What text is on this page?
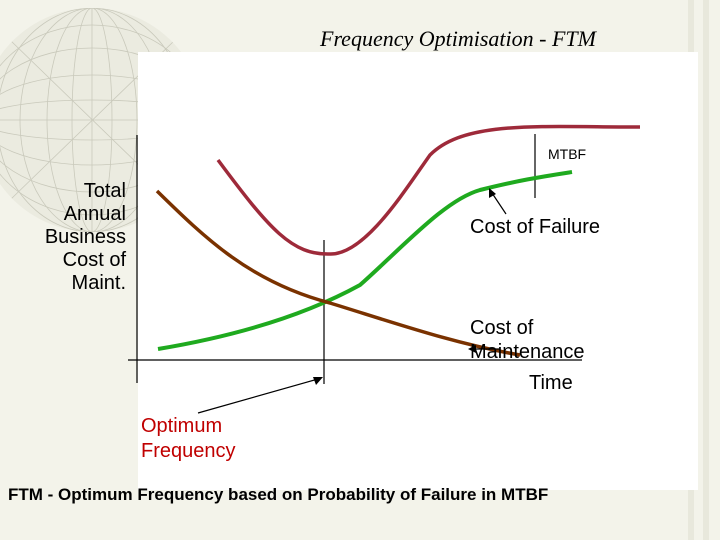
Frequency Optimisation - FTM
Total Annual Business Cost of Maint.
MTBF
Cost of Failure
Cost of Maintenance
Time
Optimum Frequency
FTM - Optimum Frequency based on Probability of Failure in MTBF
